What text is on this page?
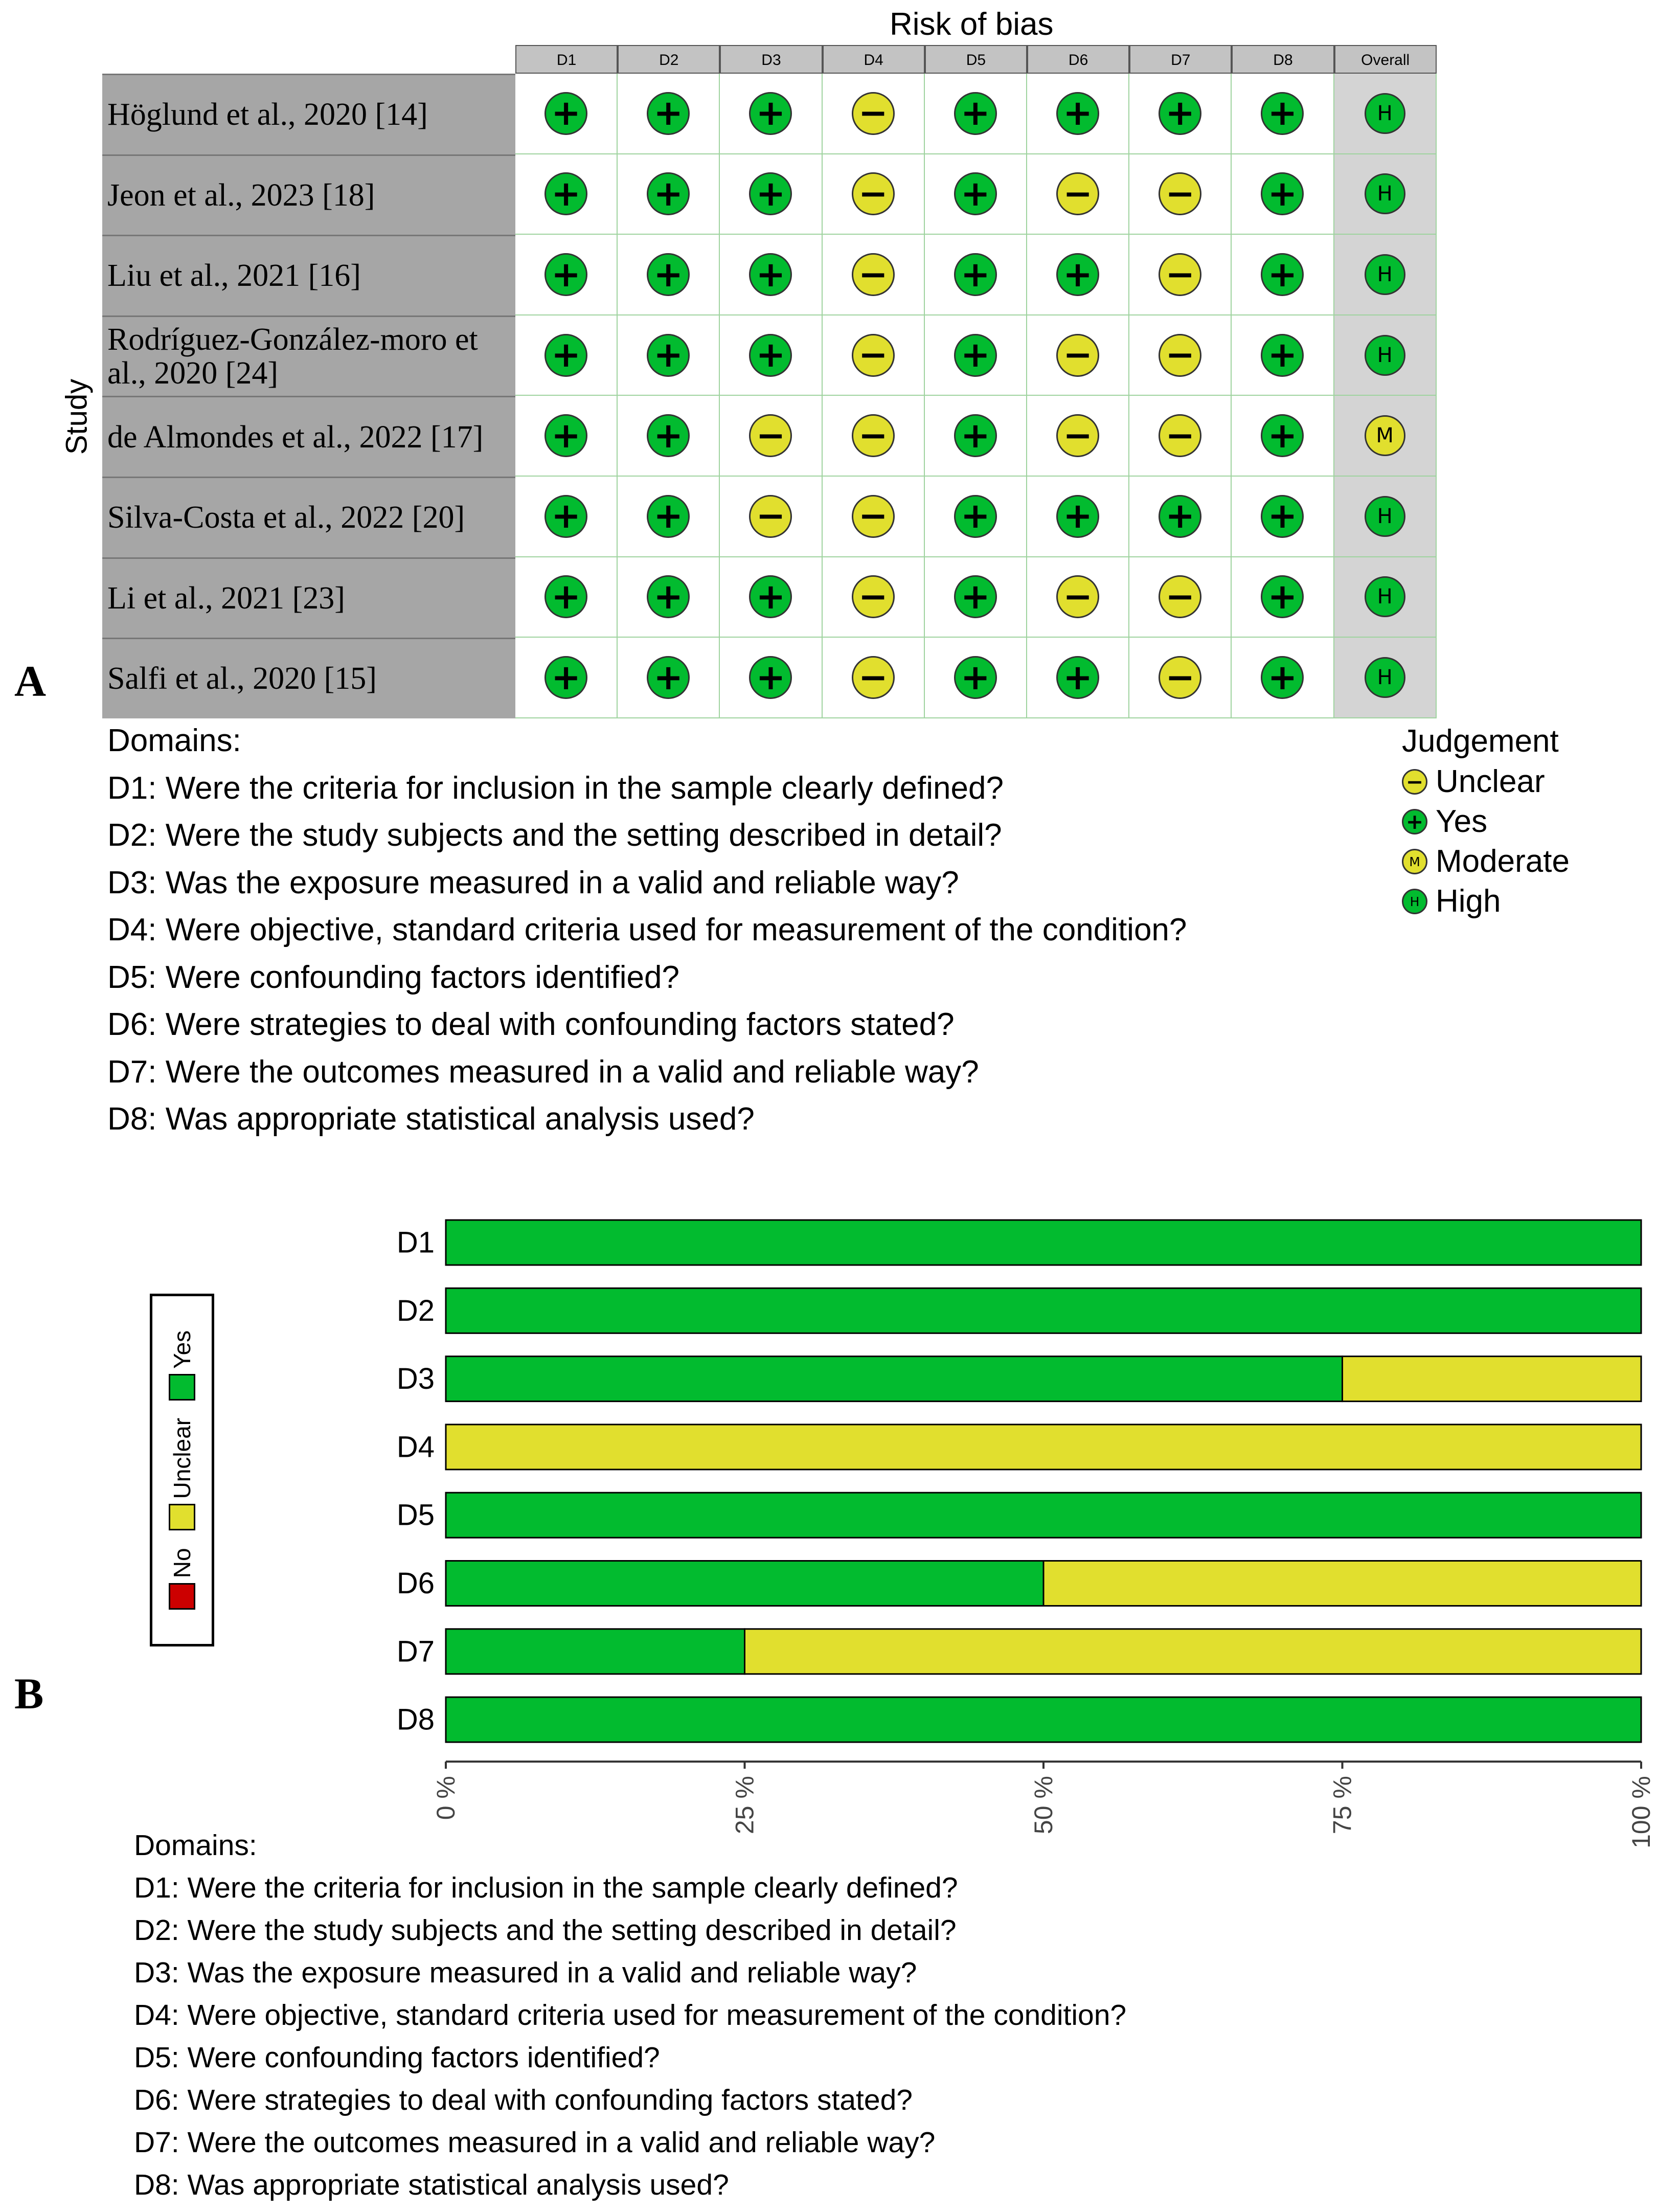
Risk of bias
Study
D1	D2	D3	D4	D5	D6	D7	D8	Overall
Höglund et al., 2020 [14]	+ + + − + + + +	H
Jeon et al., 2023 [18]	+ + + − + − − +	H
Liu et al., 2021 [16]	+ + + − + + − +	H
Rodríguez-González-moro et al., 2020 [24]	+ + + − + − − +	H
de Almondes et al., 2022 [17] + + − − + − − +	M
Silva-Costa et al., 2022 [20] + + − − + + + +	H
Li et al., 2021 [23]	+ + + − + − − +	H
Salfi et al., 2020 [15]	+ + + − + + − +	H
A
Domains:
D1: Were the criteria for inclusion in the sample clearly defined?
D2: Were the study subjects and the setting described in detail?
D3: Was the exposure measured in a valid and reliable way?
D4: Were objective, standard criteria used for measurement of the condition?
D5: Were confounding factors identified?
D6: Were strategies to deal with confounding factors stated?
D7: Were the outcomes measured in a valid and reliable way?
D8: Was appropriate statistical analysis used?
Judgement
− Unclear
+ Yes
M Moderate
H High
B
No
Unclear
Yes
D1
D2
D3
D4
D5
D6
D7
D8
0 %	25 %	50 %	75 %	100 %
Domains:
D1: Were the criteria for inclusion in the sample clearly defined?
D2: Were the study subjects and the setting described in detail?
D3: Was the exposure measured in a valid and reliable way?
D4: Were objective, standard criteria used for measurement of the condition?
D5: Were confounding factors identified?
D6: Were strategies to deal with confounding factors stated?
D7: Were the outcomes measured in a valid and reliable way?
D8: Was appropriate statistical analysis used?
